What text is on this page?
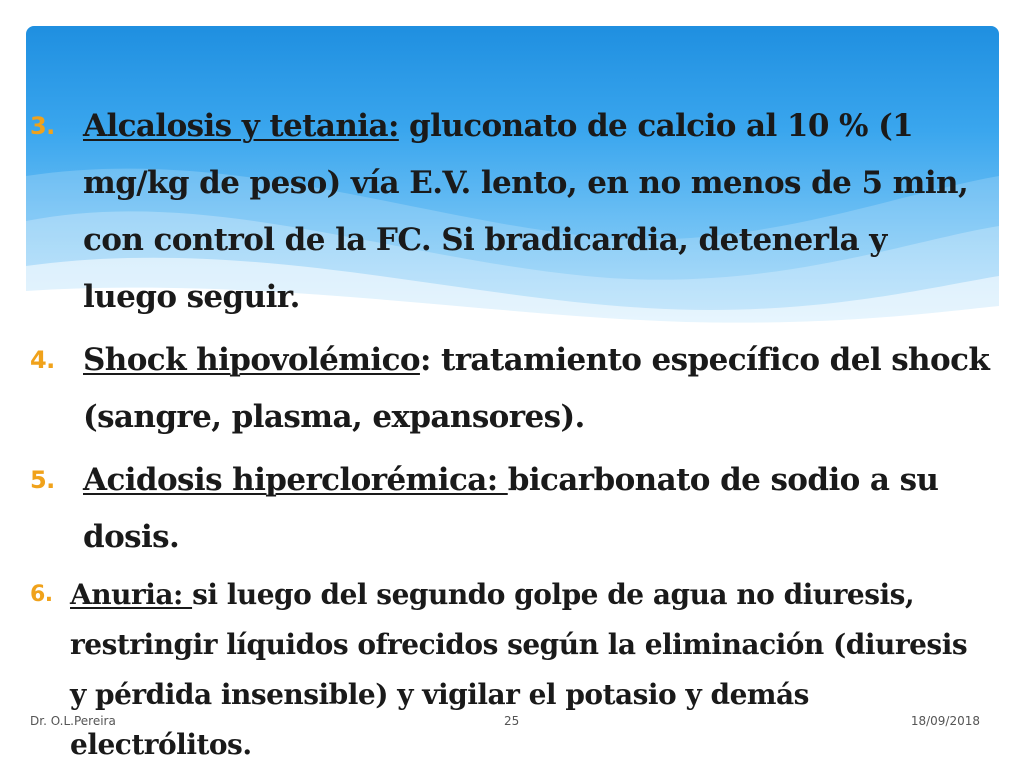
3. Alcalosis y tetania: gluconato de calcio al 10 % (1 mg/kg de peso) vía E.V. lento, en no menos de 5 min, con control de la FC. Si bradicardia, detenerla y luego seguir.
4. Shock hipovolémico: tratamiento específico del shock (sangre, plasma, expansores).
5. Acidosis hiperclorémica: bicarbonato de sodio a su dosis.
6. Anuria: si luego del segundo golpe de agua no diuresis, restringir líquidos ofrecidos según la eliminación (diuresis y pérdida insensible) y vigilar el potasio y demás electrólitos.
Dr. O.L.Pereira	25	18/09/2018
